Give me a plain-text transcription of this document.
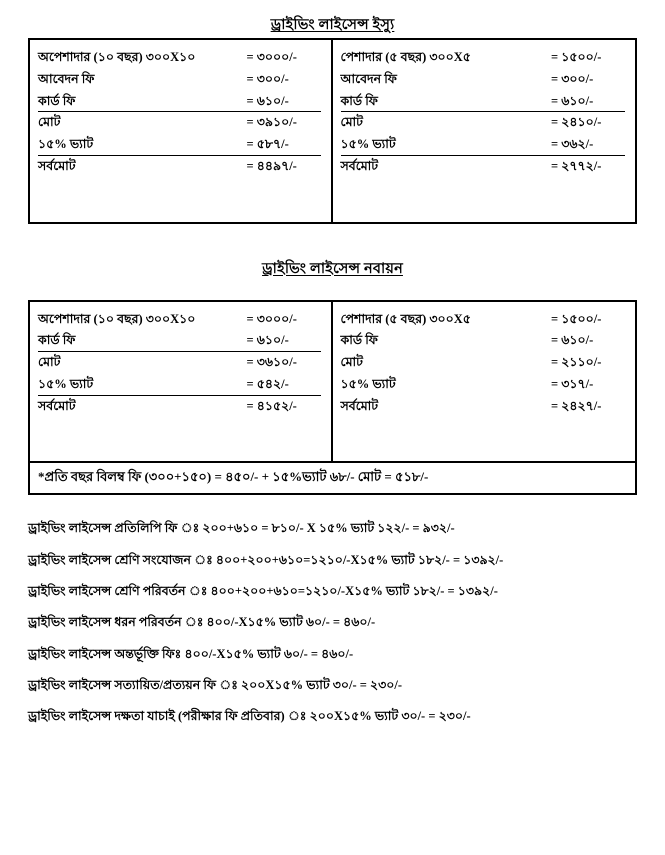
ড্রাইভিং লাইসেন্স ইস্যু
অপেশাদার (১০ বছর) ৩০০X১০	= ৩০০০/-
আবেদন ফি	= ৩০০/-
কার্ড ফি	= ৬১০/-
মোট	= ৩৯১০/-
১৫% ভ্যাট	= ৫৮৭/-
সর্বমোট	= ৪৪৯৭/-
পেশাদার (৫ বছর) ৩০০X৫	= ১৫০০/-
আবেদন ফি	= ৩০০/-
কার্ড ফি	= ৬১০/-
মোট	= ২৪১০/-
১৫% ভ্যাট	= ৩৬২/-
সর্বমোট	= ২৭৭২/-
ড্রাইভিং লাইসেন্স নবায়ন
অপেশাদার (১০ বছর) ৩০০X১০	= ৩০০০/-
কার্ড ফি	= ৬১০/-
মোট	= ৩৬১০/-
১৫% ভ্যাট	= ৫৪২/-
সর্বমোট	= ৪১৫২/-
পেশাদার (৫ বছর) ৩০০X৫	= ১৫০০/-
কার্ড ফি	= ৬১০/-
মোট	= ২১১০/-
১৫% ভ্যাট	= ৩১৭/-
সর্বমোট	= ২৪২৭/-
*প্রতি বছর বিলম্ব ফি (৩০০+১৫০) = ৪৫০/- + ১৫%ভ্যাট ৬৮/- মোট = ৫১৮/-
ড্রাইভিং লাইসেন্স প্রতিলিপি ফি ঃ ২০০+৬১০ = ৮১০/- X ১৫% ভ্যাট ১২২/- = ৯৩২/-
ড্রাইভিং লাইসেন্স শ্রেণি সংযোজন ঃ ৪০০+২০০+৬১০=১২১০/-X১৫% ভ্যাট ১৮২/- = ১৩৯২/-
ড্রাইভিং লাইসেন্স শ্রেণি পরিবর্তন ঃ ৪০০+২০০+৬১০=১২১০/-X১৫% ভ্যাট ১৮২/- = ১৩৯২/-
ড্রাইভিং লাইসেন্স ধরন পরিবর্তন ঃ ৪০০/-X১৫% ভ্যাট ৬০/- = ৪৬০/-
ড্রাইভিং লাইসেন্স অন্তর্ভূক্তি ফিঃ ৪০০/-X১৫% ভ্যাট ৬০/- = ৪৬০/-
ড্রাইভিং লাইসেন্স সত্যায়িত/প্রত্যয়ন ফি ঃ ২০০X১৫% ভ্যাট ৩০/- = ২৩০/-
ড্রাইভিং লাইসেন্স দক্ষতা যাচাই (পরীক্ষার ফি প্রতিবার) ঃ ২০০X১৫% ভ্যাট ৩০/- = ২৩০/-
